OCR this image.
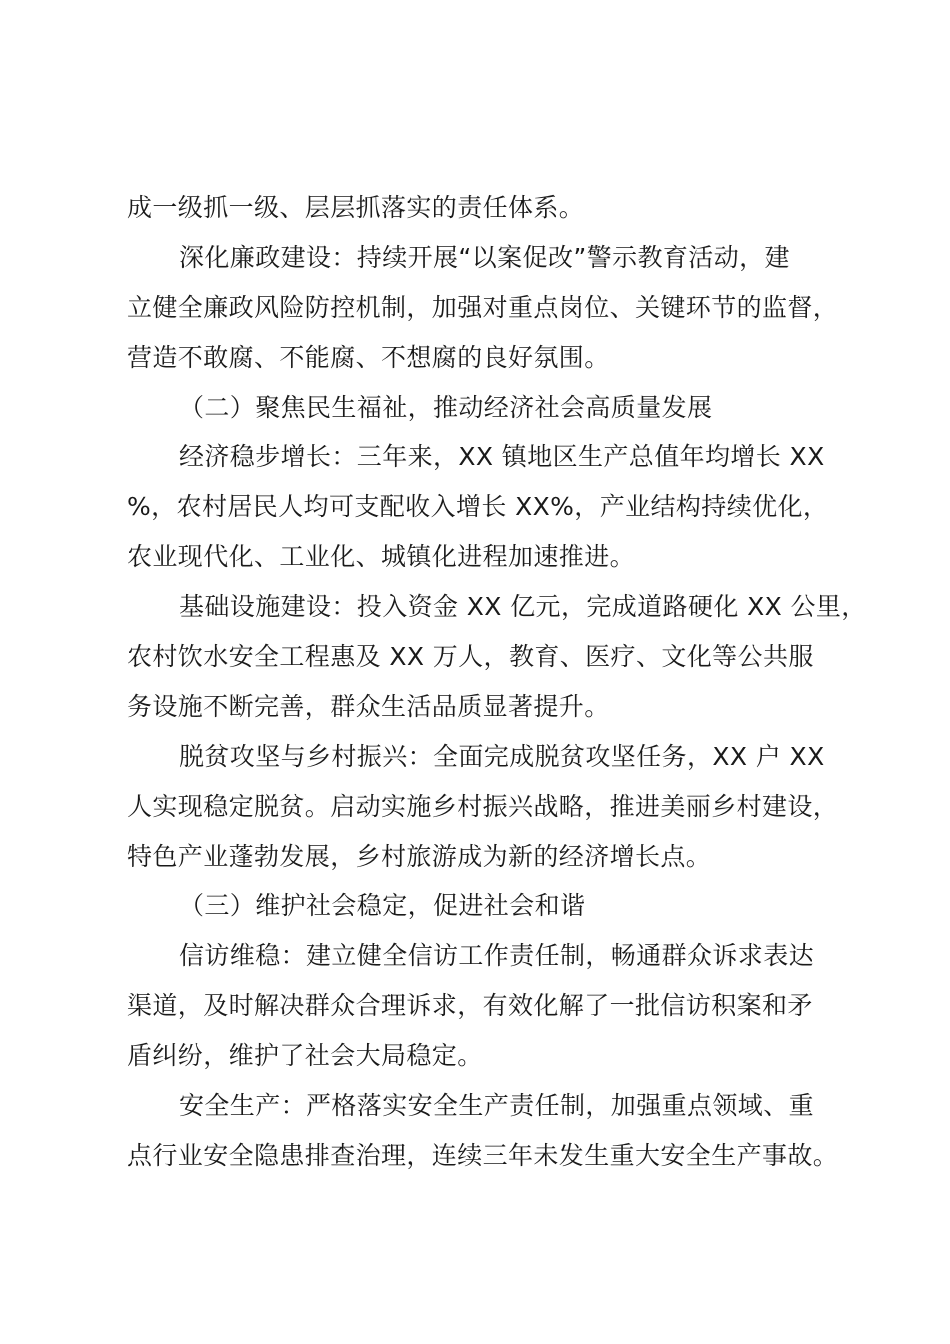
成一级抓一级、层层抓落实的责任体系。
深化廉政建设：持续开展“以案促改”警示教育活动，建
立健全廉政风险防控机制，加强对重点岗位、关键环节的监督，
营造不敢腐、不能腐、不想腐的良好氛围。
（二）聚焦民生福祉，推动经济社会高质量发展
经济稳步增长：三年来，XX 镇地区生产总值年均增长 XX
%，农村居民人均可支配收入增长 XX%，产业结构持续优化，
农业现代化、工业化、城镇化进程加速推进。
基础设施建设：投入资金 XX 亿元，完成道路硬化 XX 公里，
农村饮水安全工程惠及 XX 万人，教育、医疗、文化等公共服
务设施不断完善，群众生活品质显著提升。
脱贫攻坚与乡村振兴：全面完成脱贫攻坚任务，XX 户 XX
人实现稳定脱贫。启动实施乡村振兴战略，推进美丽乡村建设，
特色产业蓬勃发展，乡村旅游成为新的经济增长点。
（三）维护社会稳定，促进社会和谐
信访维稳：建立健全信访工作责任制，畅通群众诉求表达
渠道，及时解决群众合理诉求，有效化解了一批信访积案和矛
盾纠纷，维护了社会大局稳定。
安全生产：严格落实安全生产责任制，加强重点领域、重
点行业安全隐患排查治理，连续三年未发生重大安全生产事故。
